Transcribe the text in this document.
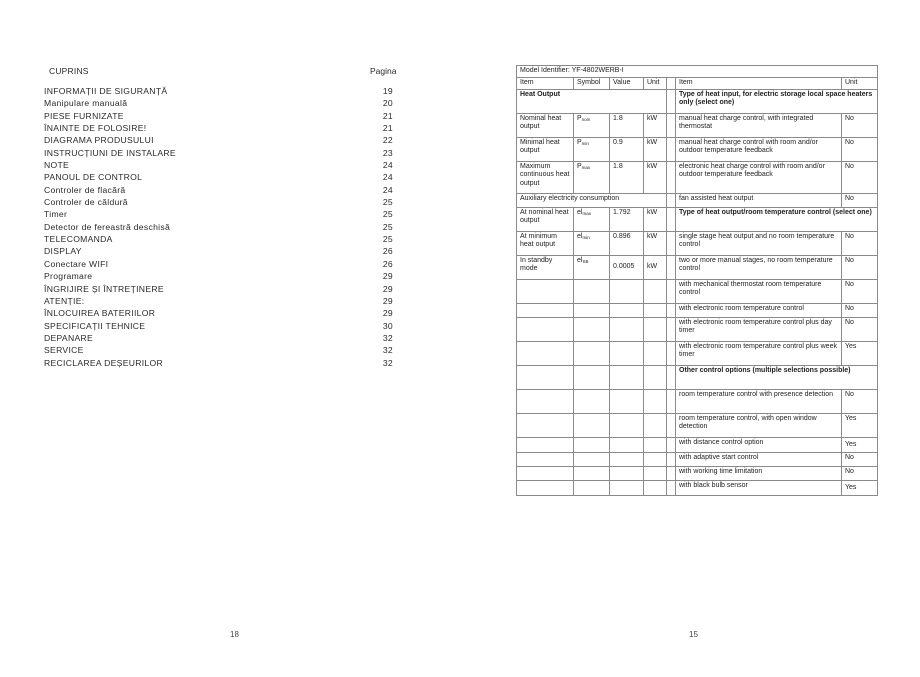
CUPRINS	Pagina
INFORMAȚII DE SIGURANȚĂ	19
Manipulare manuală	20
PIESE FURNIZATE	21
ÎNAINTE DE FOLOSIRE!	21
DIAGRAMA PRODUSULUI	22
INSTRUCȚIUNI DE INSTALARE	23
NOTE	24
PANOUL DE CONTROL	24
Controler de flacără	24
Controler de căldură	25
Timer	25
Detector de fereastră deschisă	25
TELECOMANDA	25
DISPLAY	26
Conectare WIFI	26
Programare	29
ÎNGRIJIRE ȘI ÎNTREȚINERE	29
ATENȚIE:	29
ÎNLOCUIREA BATERIILOR	29
SPECIFICAȚII TEHNICE	30
DEPANARE	32
SERVICE	32
RECICLAREA DEȘEURILOR	32
18
Model Identifier: YF-4802WERB-I						
Item	Symbol	Value	Unit		Item	Unit
Heat Output					Type of heat input, for electric storage local space heaters only (select one)	
Nominal heat output	$P_{nom}$	1.8	kW		manual heat charge control, with integrated thermostat	No
Minimal heat output	$P_{min}$	0.9	kW		manual heat charge control with room and/or outdoor temperature feedback	No
Maximum continuous heat output	$P_{max}$	1.8	kW		electronic heat charge control with room and/or outdoor temperature feedback	No
Auxiliary electricity consumption					fan assisted heat output	No
At nominal heat output	$el_{max}$	1.792	kW		Type of heat output/room temperature control (select one)	
At minimum heat output	$el_{min}$	0.896	kW		single stage heat output and no room temperature control	No
In standby mode	$el_{SB}$	0.0005	kW		two or more manual stages, no room temperature control	No
					with mechanical thermostat room temperature control	No
					with electronic room temperature control	No
					with electronic room temperature control plus day timer	No
					with electronic room temperature control plus week timer	Yes
					Other control options (multiple selections possible)	
					room temperature control with presence detection	No
					room temperature control, with open window detection	Yes
					with distance control option	Yes
					with adaptive start control	No
					with working time limitation	No
					with black bulb sensor	Yes
15
